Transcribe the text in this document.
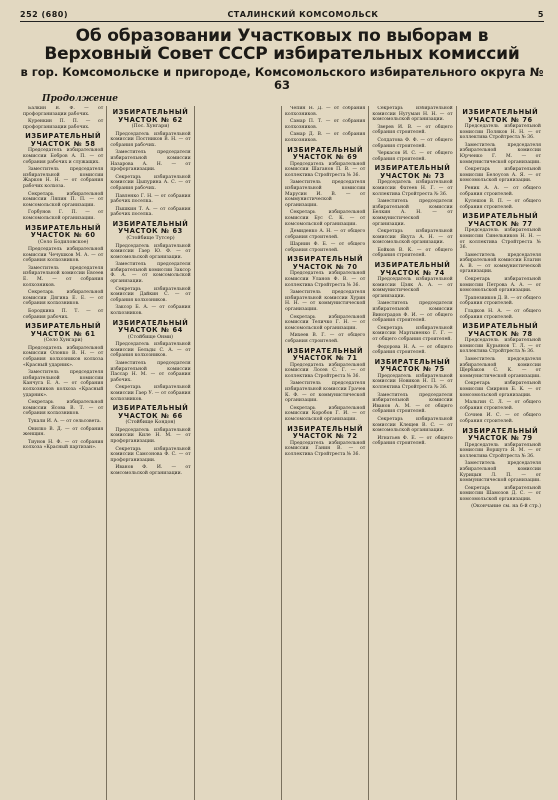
252 (680)	СТАЛИНСКИЙ КОМСОМОЛЬСК	5
Об образовании Участковых по выборам в Верховный Совет СССР избирательных комиссий
в гор. Комсомольске и пригороде, Комсомольского избирательного округа № 63
Продолжение

Балкин В. Ф. — от профорганизации рабочих.

Куренкин П. П. — от профорганизации рабочих.

ИЗБИРАТЕЛЬНЫЙ УЧАСТОК № 58

Председатель избирательной комиссии Бобров А. П. — от собрания рабочих и служащих.

Заместитель председателя избирательной комиссии Жарков Н. Н. — от собрания рабочих колхоза.

Секретарь избирательной комиссии Ляпин П. П. — от комсомольской организации.

Горбунов Г. П. — от комсомольской организации.

ИЗБИРАТЕЛЬНЫЙ УЧАСТОК № 60
(Село Бодиловское)

Председатель избирательной комиссии Чечушков М. А. — от собрания колхозников.

Заместитель председателя избирательной комиссии Евсеев Е. М. — от собрания колхозников.

Секретарь избирательной комиссии Дягина Е. Е. — от собрания колхозников.

Бородкина П. Т. — от собрания рабочих.

ИЗБИРАТЕЛЬНЫЙ УЧАСТОК № 61
(Село Хунгари)

Председатель избирательной комиссии Олонко В. Н. — от собрания колхозников колхоза «Красный ударник».

Заместитель председателя избирательной комиссии Канчуга Е. А. — от собрания колхозников колхоза «Красный ударник».

Секретарь избирательной комиссии Ясова В. Т. — от собрания колхозников.

Тукали И. А. — от сельсовета.

Онилко В. Д. — от собрания женщин.

Тиунов Н. Ф. — от собрания колхоза «Красный партизан».

ИЗБИРАТЕЛЬНЫЙ УЧАСТОК № 62
(Пос. Хунгари)

Председатель избирательной комиссии Постников В. Н. — от собрания рабочих.

Заместитель председателя избирательной комиссии Назарова А. Н. — от профорганизации.

Секретарь избирательной комиссии Цыпурина А. С. — от собрания рабочих.

Павленко Г. Н. — от собрания рабочих поселка.

Пышкин Т. А. — от собрания рабочих поселка.

ИЗБИРАТЕЛЬНЫЙ УЧАСТОК № 63
(Стойбище Тутсер)

Председатель избирательной комиссии Гаер Ю. Ф. — от комсомольской организации.

Заместитель председателя избирательной комиссии Заксор Ф. А. — от комсомольской организации.

Секретарь избирательной комиссии Дайкин С. — от собрания колхозников.

Заксор Б. А. — от собрания колхозников.

ИЗБИРАТЕЛЬНЫЙ УЧАСТОК № 64
(Стойбище Онми)

Председатель избирательной комиссии Бельды С. А. — от собрания колхозников.

Заместитель председателя избирательной комиссии Пассар Н. М. — от собрания рабочих.

Секретарь избирательной комиссии Гаер У. — от собрания колхозников.

ИЗБИРАТЕЛЬНЫЙ УЧАСТОК № 66
(Стойбище Кондон)

Председатель избирательной комиссии Киле Н. М. — от профорганизации.

Секретарь избирательной комиссии Самсонова Ф. С. — от профорганизации.

Иванов Ф. И. — от комсомольской организации.

Чепин Н. Д. — от собрания колхозников.

Самар П. Т. — от собрания колхозников.

Самар Д. В. — от собрания колхозников.

ИЗБИРАТЕЛЬНЫЙ УЧАСТОК № 69

Председатель избирательной комиссии Шаганов П. В. — от коллектива Стройтреста № 36.

Заместитель председателя избирательной комиссии Марусин И. В. — от коммунистической организации.

Секретарь избирательной комиссии Бус С. К. — от комсомольской организации.

Демиденко А. Н. — от общего собрания строителей.

Шарнин Ф. Б. — от общего собрания строителей.

ИЗБИРАТЕЛЬНЫЙ УЧАСТОК № 70

Председатель избирательной комиссии Уланов Ф. В. — от коллектива Стройтреста № 36.

Заместитель председателя избирательной комиссии Хурин Н. Н. — от коммунистической организации.

Секретарь избирательной комиссии Теличко Г. Н. — от комсомольской организации.

Михеев В. Г. — от общего собрания строителей.

ИЗБИРАТЕЛЬНЫЙ УЧАСТОК № 71

Председатель избирательной комиссии Лосев С. Г. — от коллектива Стройтреста № 36.

Заместитель председателя избирательной комиссии Грачев К. Ф. — от коммунистической организации.

Секретарь избирательной комиссии Коробов Г. И. — от комсомольской организации.

ИЗБИРАТЕЛЬНЫЙ УЧАСТОК № 72

Председатель избирательной комиссии Ганин В. — от коллектива Стройтреста № 36.

Секретарь избирательной комиссии Нугуман Н. Н. — от комсомольской организации.

Зверев И. В. — от общего собрания строителей.

Солдатова Ф. Ф. — от общего собрания строителей.

Черкасов И. С. — от общего собрания строителей.

ИЗБИРАТЕЛЬНЫЙ УЧАСТОК № 73

Председатель избирательной комиссии Фатеев Н. Г. — от коллектива Стройтреста № 36.

Заместитель председателя избирательной комиссии Белкин А. Н. — от коммунистической организации.

Секретарь избирательной комиссии Якута А. Н. — от комсомольской организации.

Бойков В. К. — от общего собрания строителей.

ИЗБИРАТЕЛЬНЫЙ УЧАСТОК № 74

Председатель избирательной комиссии Цзяк А. А. — от коммунистической организации.

Заместитель председателя избирательной комиссии Виноградов Ф. И. — от общего собрания строителей.

Секретарь избирательной комиссии Мартыненко Г. Г. — от общего собрания строителей.

Федорова Н. А. — от общего собрания строителей.

ИЗБИРАТЕЛЬНЫЙ УЧАСТОК № 75

Председатель избирательной комиссии Новиков Н. П. — от коллектива Стройтреста № 36.

Заместитель председателя избирательной комиссии Иванов А. М. — от общего собрания строителей.

Секретарь избирательной комиссии Клещев В. С. — от комсомольской организации.

Игнатьев Ф. Е. — от общего собрания строителей.

ИЗБИРАТЕЛЬНЫЙ УЧАСТОК № 76

Председатель избирательной комиссии Поляков Н. Н. — от коллектива Стройтреста № 36.

Заместитель председателя избирательной комиссии Юрченко Г. М. — от коммунистической организации.

Секретарь избирательной комиссии Белоусов А. Я. — от комсомольской организации.

Реник А. А. — от общего собрания строителей.

Кулешов В. П. — от общего собрания строителей.

ИЗБИРАТЕЛЬНЫЙ УЧАСТОК № 77

Председатель избирательной комиссии Синельников Н. Н. — от коллектива Стройтреста № 36.

Заместитель председателя избирательной комиссии Елагин А. В. — от коммунистической организации.

Секретарь избирательной комиссии Петрова А. А. — от комсомольской организации.

Трапезников Д. В. — от общего собрания строителей.

Гладков Н. А. — от общего собрания строителей.

ИЗБИРАТЕЛЬНЫЙ УЧАСТОК № 78

Председатель избирательной комиссии Курьянов Т. Л. — от коллектива Стройтреста № 36.

Заместитель председателя избирательной комиссии Щербаков С. К. — от коммунистической организации.

Секретарь избирательной комиссии Смирнов Б. К. — от комсомольской организации.

Мальгин С. Л. — от общего собрания строителей.

Сочнев И. С. — от общего собрания строителей.

ИЗБИРАТЕЛЬНЫЙ УЧАСТОК № 79

Председатель избирательной комиссии Воршутэ Я. М. — от коллектива Стройтреста № 36.

Заместитель председателя избирательной комиссии Курицын Л. П. — от коммунистической организации.

Секретарь избирательной комиссии Шамозов Д. С. — от комсомольской организации.

(Окончание см. на 6-й стр.)
